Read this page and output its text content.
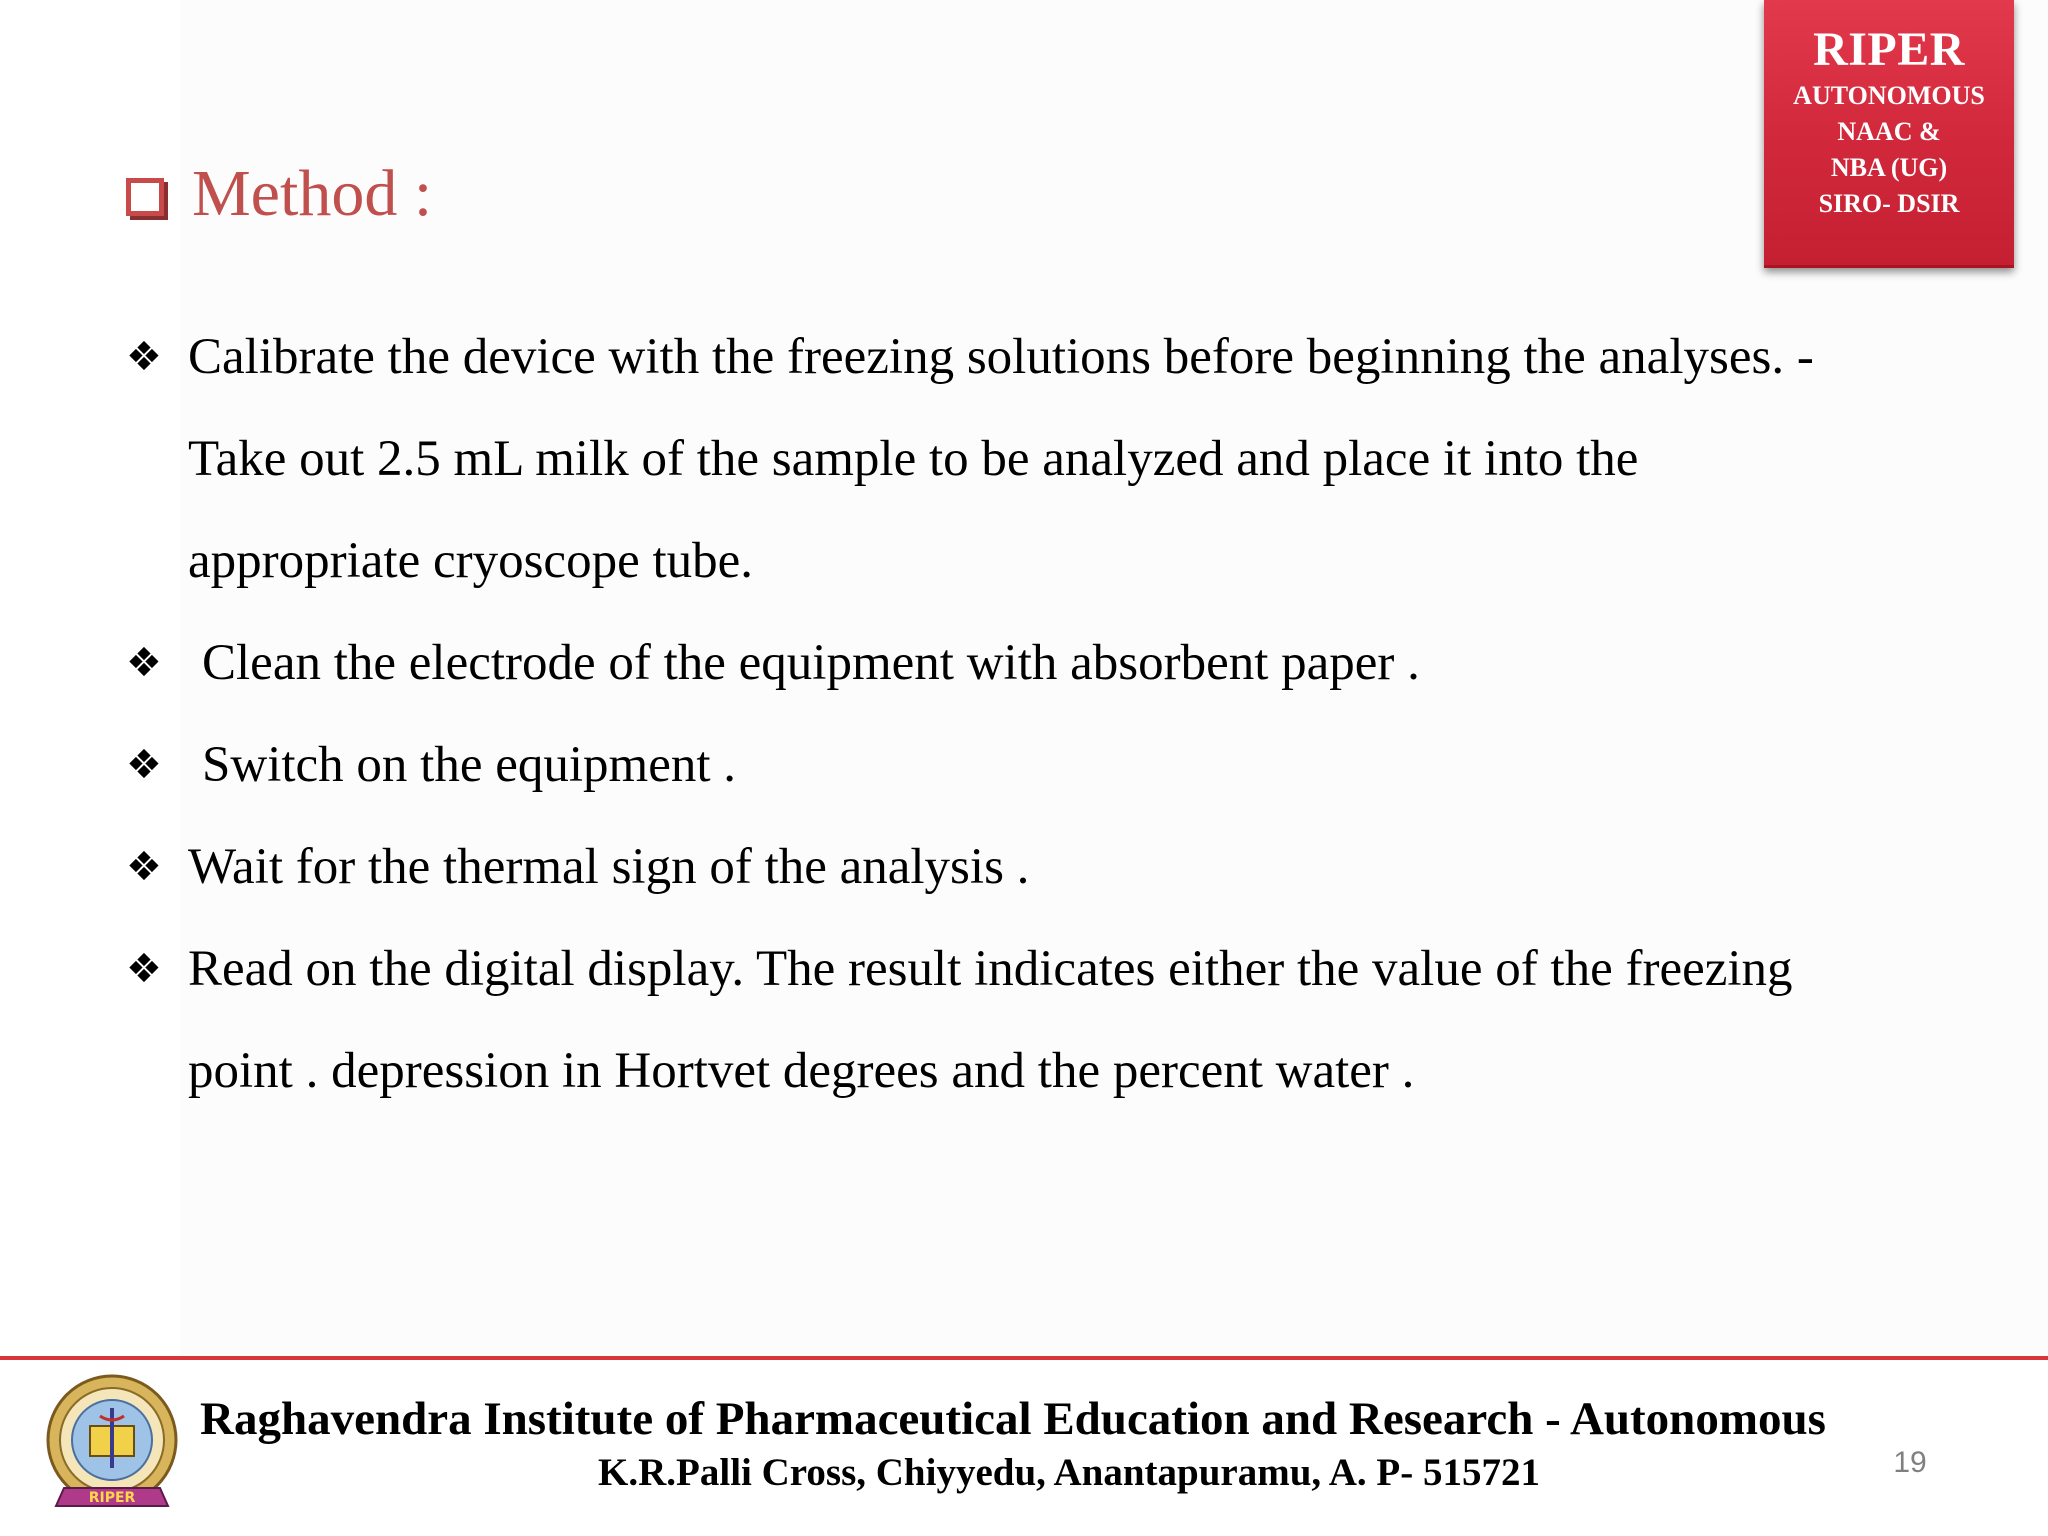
RIPER
AUTONOMOUS
NAAC &
NBA (UG)
SIRO- DSIR
Method :
❖ Calibrate the device with the freezing solutions before beginning the analyses. -
Take out 2.5 mL milk of the sample to be analyzed and place it into the
appropriate cryoscope tube.
❖ Clean the electrode of the equipment with absorbent paper .
❖ Switch on the equipment .
❖ Wait for the thermal sign of the analysis .
❖ Read on the digital display. The result indicates either the value of the freezing
point . depression in Hortvet degrees and the percent water .
RIPER
Raghavendra Institute of Pharmaceutical Education and Research - Autonomous
K.R.Palli Cross, Chiyyedu, Anantapuramu, A. P- 515721	19
